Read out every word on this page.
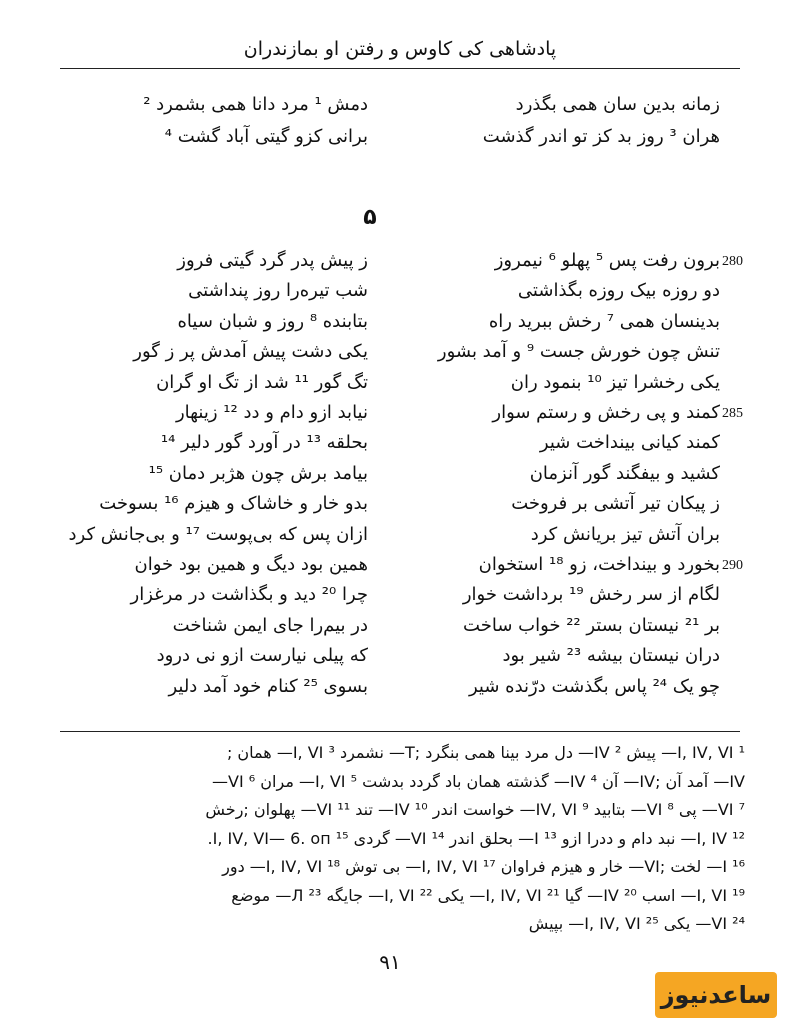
پادشاهی کی کاوس و رفتن او بمازندران
زمانه بدین سان همی بگذرد
دمش ¹ مرد دانا همی بشمرد ²
هران ³ روز بد کز تو اندر گذشت
برانی کزو گیتی آباد گشت ⁴
۵
برون رفت پس ⁵ پهلو ⁶ نیمروز
ز پیش پدر گرد گیتی فروز	280
دو روزه بیک روزه بگذاشتی
شب تیره‌را روز پنداشتی
بدینسان همی ⁷ رخش ببرید راه
بتابنده ⁸ روز و شبان سیاه
تنش چون خورش جست ⁹ و آمد بشور
یکی دشت پیش آمدش پر ز گور
یکی رخشرا تیز ¹⁰ بنمود ران
تگ گور ¹¹ شد از تگ او گران
کمند و پی رخش و رستم سوار
نیابد ازو دام و دد ¹² زینهار	285
کمند کیانی بینداخت شیر
بحلقه ¹³ در آورد گور دلیر ¹⁴
کشید و بیفگند گور آنزمان
بیامد برش چون هژبر دمان ¹⁵
ز پیکان تیر آتشی بر فروخت
بدو خار و خاشاک و هیزم ¹⁶ بسوخت
بران آتش تیز بریانش کرد
ازان پس که بی‌پوست ¹⁷ و بی‌جانش کرد
بخورد و بینداخت، زو ¹⁸ استخوان
همین بود دیگ و همین بود خوان	290
لگام از سر رخش ¹⁹ برداشت خوار
چرا ²⁰ دید و بگذاشت در مرغزار
بر ²¹ نیستان بستر ²² خواب ساخت
در بیم‌را جای ایمن شناخت
دران نیستان بیشه ²³ شیر بود
که پیلی نیارست ازو نی درود
چو یک ²⁴ پاس بگذشت درّنده شیر
بسوی ²⁵ کنام خود آمد دلیر
¹ I, IV, VI— پیش ² IV— دل مرد بینا همی بنگرد ;T— نشمرد ³ I, VI— همان ;
IV— آمد آن ;IV— آن ⁴ IV— گذشته همان باد گردد بدشت ⁵ I, VI— مران ⁶ VI—
⁷ VI— پی ⁸ VI— بتابید ⁹ IV, VI— خواست اندر ¹⁰ IV— تند ¹¹ VI— پهلوان ;رخش
¹² I, IV— نبد دام و ددرا ازو ¹³ I— بحلق اندر ¹⁴ VI— گردی ¹⁵ I, IV, VI— 6. оп.
¹⁶ I— لخت ;VI— خار و هیزم فراوان ¹⁷ I, IV, VI— بی توش ¹⁸ I, IV, VI— دور
¹⁹ I, VI— اسب ²⁰ IV— گیا ²¹ I, IV, VI— یکی ²² I, VI— جایگه ²³ Л— موضع
²⁴ VI— یکی ²⁵ I, IV, VI— بپیش
۹۱
ساعدنیوز
